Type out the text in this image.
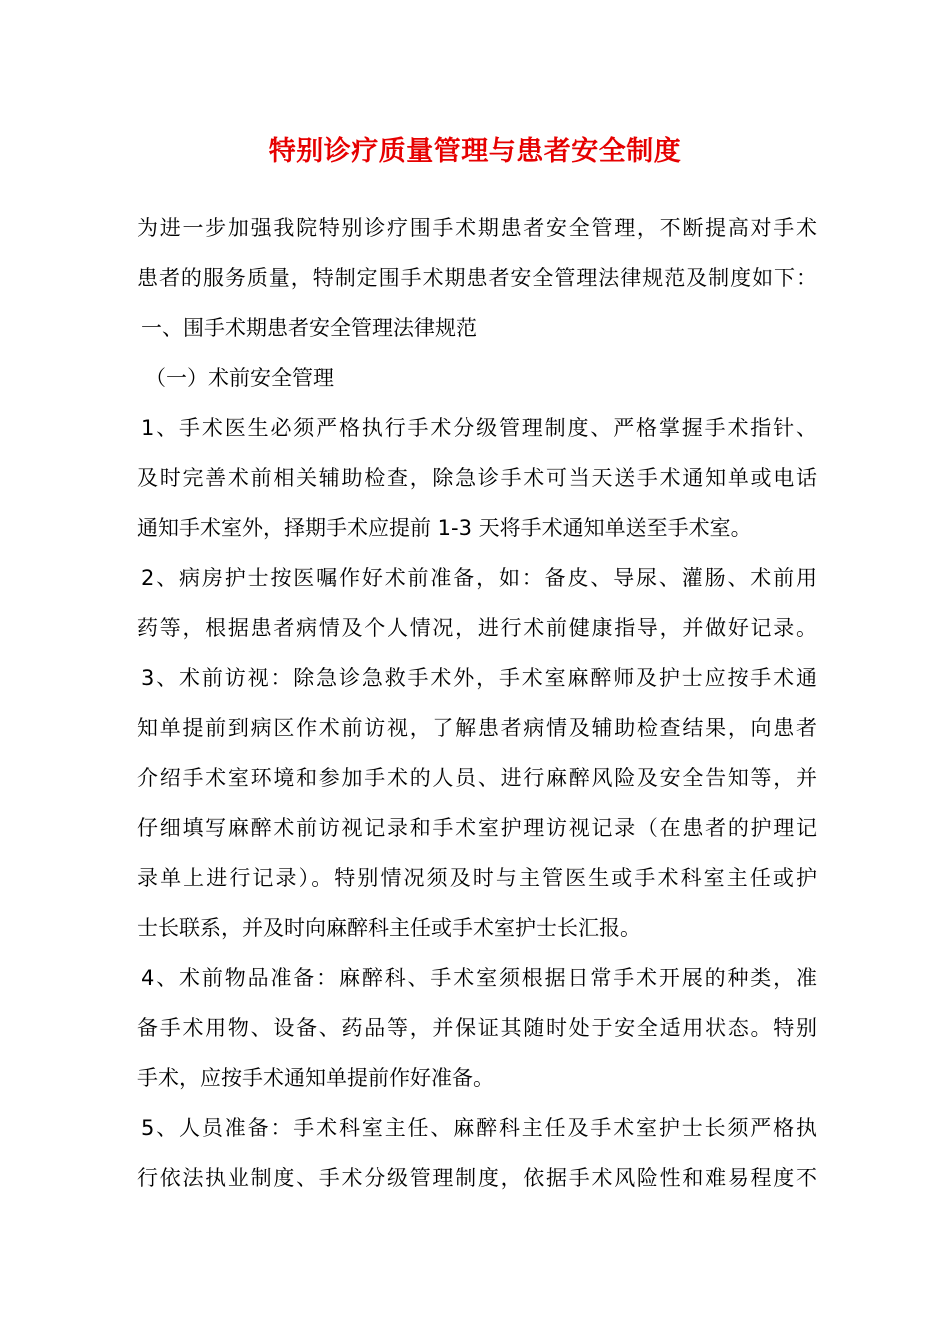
特别诊疗质量管理与患者安全制度
为进一步加强我院特别诊疗围手术期患者安全管理，不断提高对手术
患者的服务质量，特制定围手术期患者安全管理法律规范及制度如下：
一、围手术期患者安全管理法律规范
（一）术前安全管理
1、手术医生必须严格执行手术分级管理制度、严格掌握手术指针、
及时完善术前相关辅助检查，除急诊手术可当天送手术通知单或电话
通知手术室外，择期手术应提前 1-3 天将手术通知单送至手术室。
2、病房护士按医嘱作好术前准备，如：备皮、导尿、灌肠、术前用
药等，根据患者病情及个人情况，进行术前健康指导，并做好记录。
3、术前访视：除急诊急救手术外，手术室麻醉师及护士应按手术通
知单提前到病区作术前访视，了解患者病情及辅助检查结果，向患者
介绍手术室环境和参加手术的人员、进行麻醉风险及安全告知等，并
仔细填写麻醉术前访视记录和手术室护理访视记录（在患者的护理记
录单上进行记录）。特别情况须及时与主管医生或手术科室主任或护
士长联系，并及时向麻醉科主任或手术室护士长汇报。
4、术前物品准备：麻醉科、手术室须根据日常手术开展的种类，准
备手术用物、设备、药品等，并保证其随时处于安全适用状态。特别
手术，应按手术通知单提前作好准备。
5、人员准备：手术科室主任、麻醉科主任及手术室护士长须严格执
行依法执业制度、手术分级管理制度，依据手术风险性和难易程度不
